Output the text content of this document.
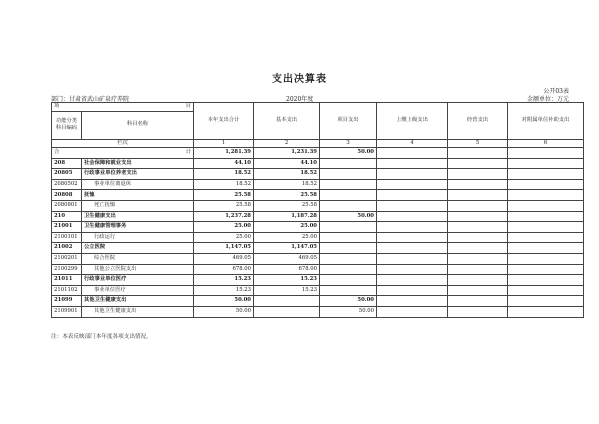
支出决算表
公开03表
部门：甘肃省武山矿泉疗养院	2020年度	金额单位：万元
项 目		本年支出合计	基本支出	项目支出	上缴上级支出	经营支出	对附属单位补助支出
功能分类
科目编码	科目名称						
栏次		1	2	3	4	5	6

合 计		1,281.39	1,231.39	50.00			
208	社会保障和就业支出	44.10	44.10				
20805	行政事业单位养老支出	18.52	18.52				
2080502	事业单位离退休	18.52	18.52				
20808	抚恤	25.58	25.58				
2080801	死亡抚恤	25.58	25.58				
210	卫生健康支出	1,237.28	1,187.28	50.00			
21001	卫生健康管理事务	25.00	25.00				
2100101	行政运行	25.00	25.00				
21002	公立医院	1,147.05	1,147.05				
2100201	综合医院	469.05	469.05				
2100299	其他公立医院支出	678.00	678.00				
21011	行政事业单位医疗	15.23	15.23				
2101102	事业单位医疗	15.23	15.23				
21099	其他卫生健康支出	50.00		50.00			
2109901	其他卫生健康支出	50.00		50.00			
注：本表反映部门本年度各项支出情况。
